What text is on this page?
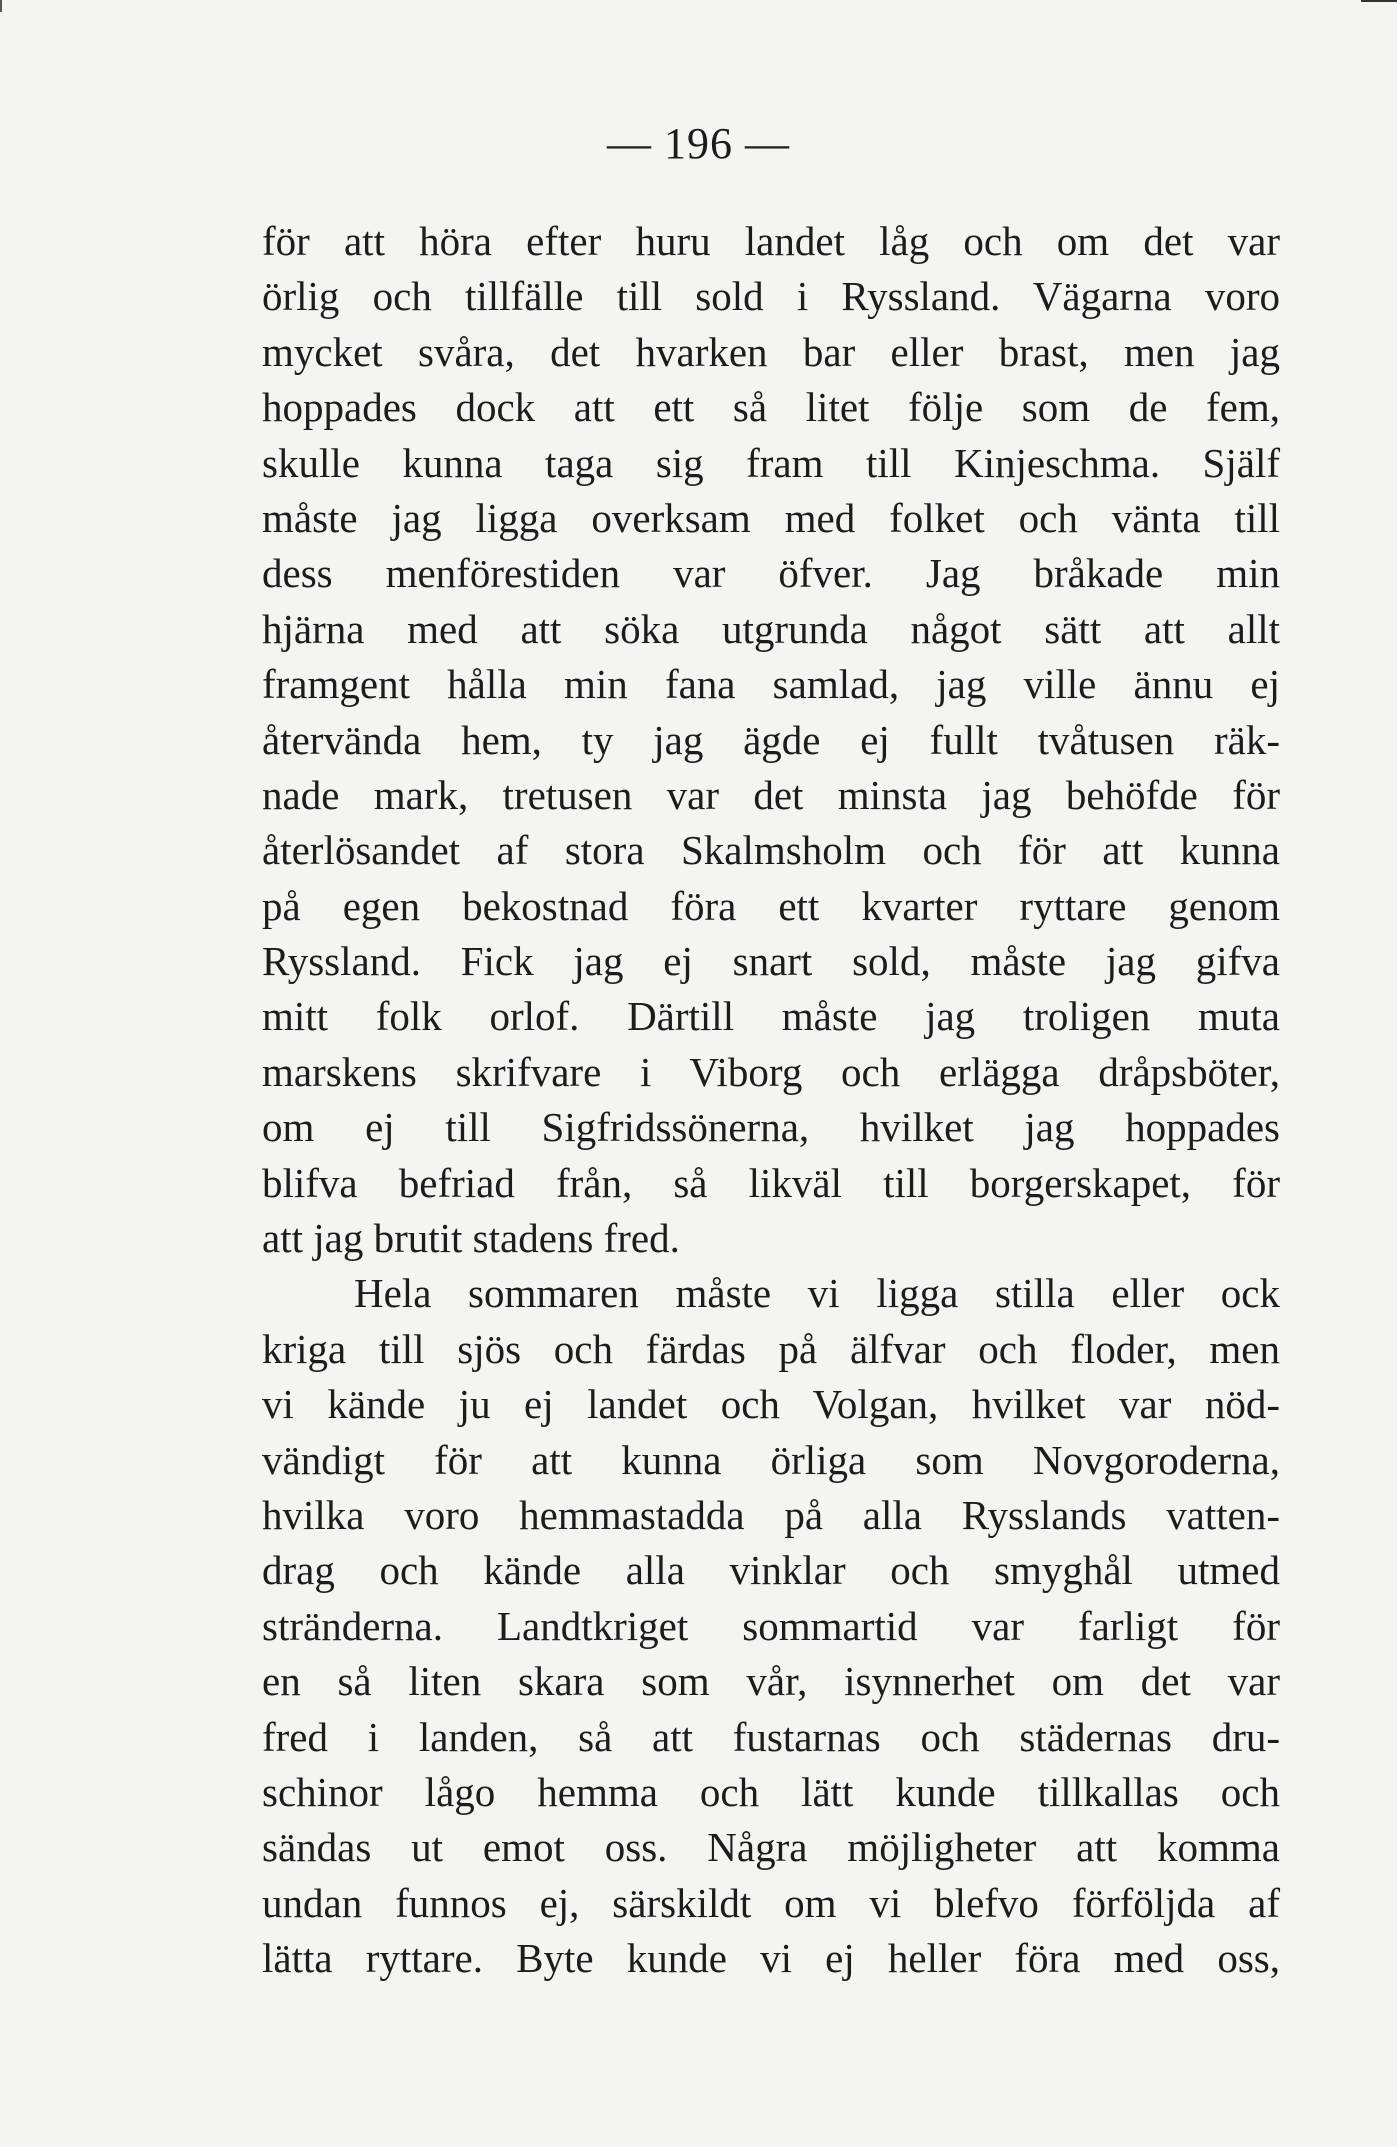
— 196 —
för att höra efter huru landet låg och om det var
örlig och tillfälle till sold i Ryssland. Vägarna voro
mycket svåra, det hvarken bar eller brast, men jag
hoppades dock att ett så litet följe som de fem,
skulle kunna taga sig fram till Kinjeschma. Själf
måste jag ligga overksam med folket och vänta till
dess menförestiden var öfver. Jag bråkade min
hjärna med att söka utgrunda något sätt att allt
framgent hålla min fana samlad, jag ville ännu ej
återvända hem, ty jag ägde ej fullt tvåtusen räk-
nade mark, tretusen var det minsta jag behöfde för
återlösandet af stora Skalmsholm och för att kunna
på egen bekostnad föra ett kvarter ryttare genom
Ryssland. Fick jag ej snart sold, måste jag gifva
mitt folk orlof. Därtill måste jag troligen muta
marskens skrifvare i Viborg och erlägga dråpsböter,
om ej till Sigfridssönerna, hvilket jag hoppades
blifva befriad från, så likväl till borgerskapet, för
att jag brutit stadens fred.
Hela sommaren måste vi ligga stilla eller ock
kriga till sjös och färdas på älfvar och floder, men
vi kände ju ej landet och Volgan, hvilket var nöd-
vändigt för att kunna örliga som Novgoroderna,
hvilka voro hemmastadda på alla Rysslands vatten-
drag och kände alla vinklar och smyghål utmed
stränderna. Landtkriget sommartid var farligt för
en så liten skara som vår, isynnerhet om det var
fred i landen, så att fustarnas och städernas dru-
schinor lågo hemma och lätt kunde tillkallas och
sändas ut emot oss. Några möjligheter att komma
undan funnos ej, särskildt om vi blefvo förföljda af
lätta ryttare. Byte kunde vi ej heller föra med oss,
